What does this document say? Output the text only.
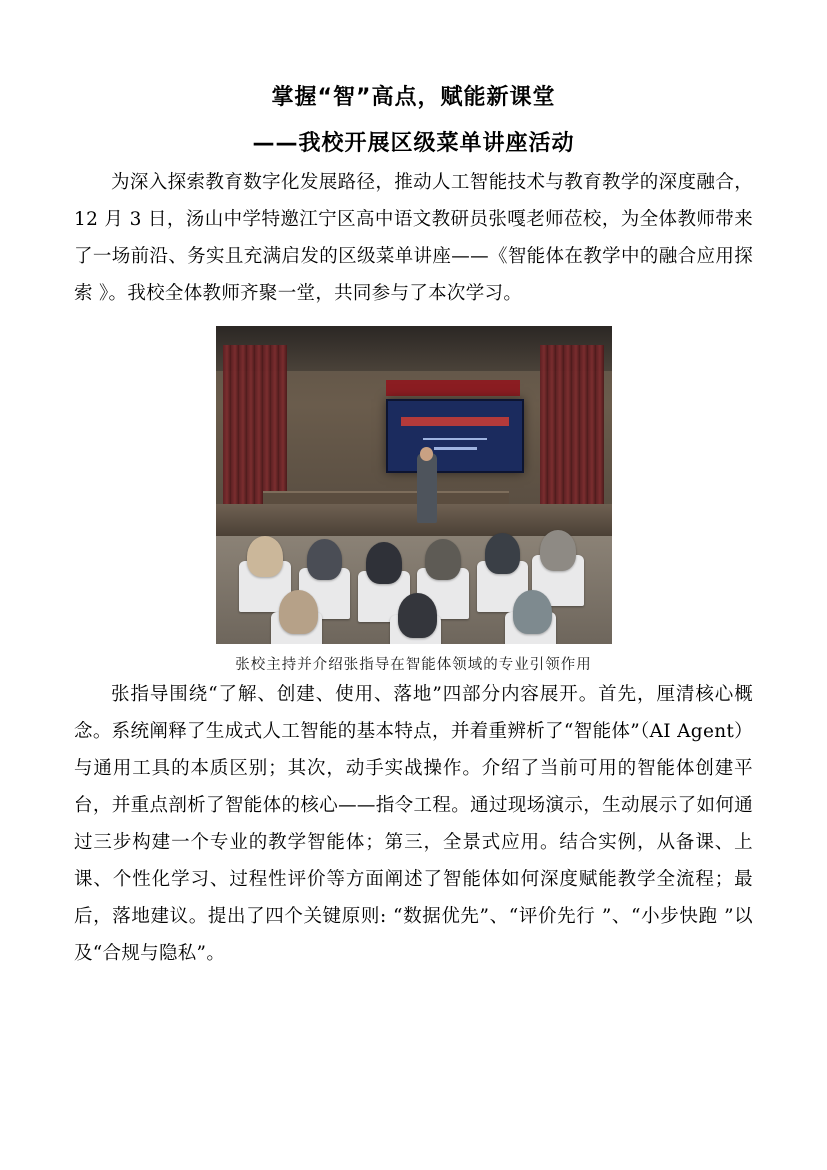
掌握“智”高点，赋能新课堂
——我校开展区级菜单讲座活动

为深入探索教育数字化发展路径，推动人工智能技术与教育教学的深度融合，12 月 3 日，汤山中学特邀江宁区高中语文教研员张嘎老师莅校，为全体教师带来了一场前沿、务实且充满启发的区级菜单讲座——《智能体在教学中的融合应用探索 》。我校全体教师齐聚一堂，共同参与了本次学习。

张校主持并介绍张指导在智能体领域的专业引领作用

张指导围绕“了解、创建、使用、落地”四部分内容展开。首先，厘清核心概念。系统阐释了生成式人工智能的基本特点，并着重辨析了“智能体”（AI Agent）与通用工具的本质区别；其次，动手实战操作。介绍了当前可用的智能体创建平台，并重点剖析了智能体的核心——指令工程。通过现场演示，生动展示了如何通过三步构建一个专业的教学智能体；第三，全景式应用。结合实例，从备课、上课、个性化学习、过程性评价等方面阐述了智能体如何深度赋能教学全流程；最后，落地建议。提出了四个关键原则: “数据优先”、“评价先行 ”、“小步快跑 ”以及“合规与隐私”。
